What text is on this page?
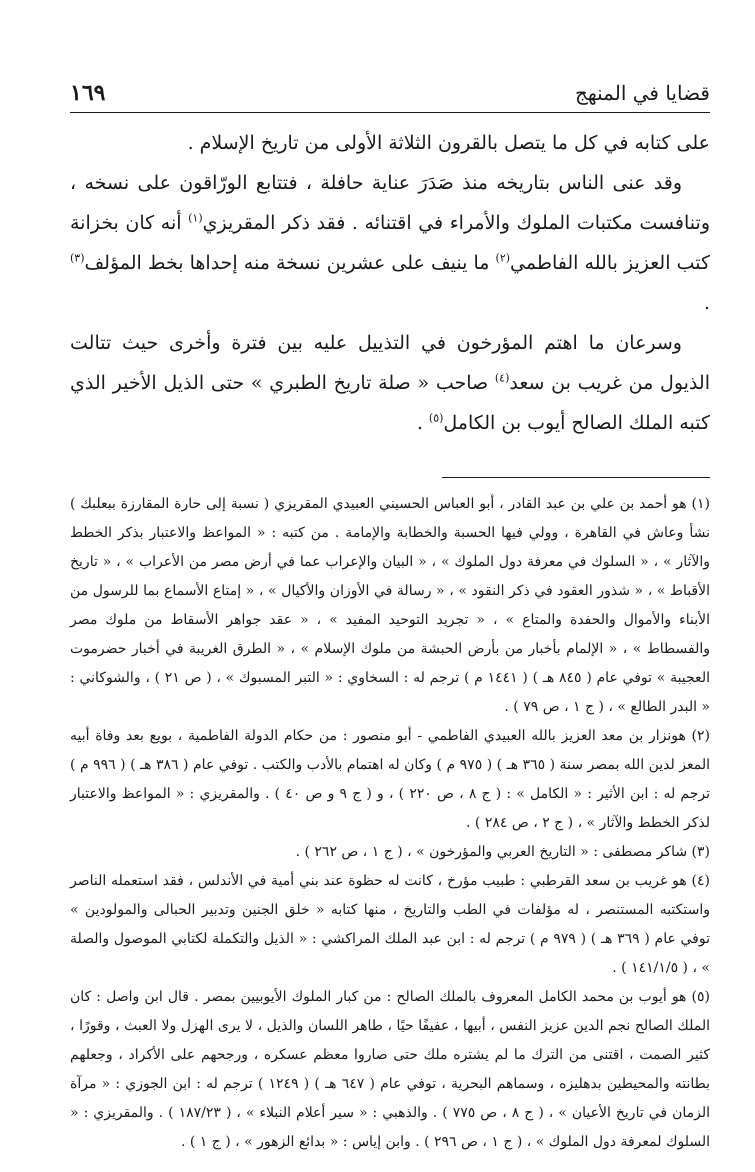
قضايا في المنهج
١٦٩

على كتابه في كل ما يتصل بالقرون الثلاثة الأولى من تاريخ الإسلام .

وقد عنى الناس بتاريخه منذ صَدَرَ عناية حافلة ، فتتابع الورّاقون على نسخه ، وتنافست مكتبات الملوك والأمراء في اقتنائه . فقد ذكر المقريزي$^{(١)}$ أنه كان بخزانة كتب العزيز بالله الفاطمي$^{(٢)}$ ما ينيف على عشرين نسخة منه إحداها بخط المؤلف$^{(٣)}$ .

وسرعان ما اهتم المؤرخون في التذييل عليه بين فترة وأخرى حيث تتالت الذيول من غريب بن سعد$^{(٤)}$ صاحب « صلة تاريخ الطبري » حتى الذيل الأخير الذي كتبه الملك الصالح أيوب بن الكامل$^{(٥)}$ .

(١) هو أحمد بن علي بن عبد القادر ، أبو العباس الحسيني العبيدي المقريزي ( نسبة إلى حارة المقارزة ببعلبك ) نشأ وعاش في القاهرة ، وولي فيها الحسبة والخطابة والإمامة . من كتبه : « المواعظ والاعتبار بذكر الخطط والآثار » ، « السلوك في معرفة دول الملوك » ، « البيان والإعراب عما في أرض مصر من الأعراب » ، « تاريخ الأقباط » ، « شذور العقود في ذكر النقود » ، « رسالة في الأوزان والأكيال » ، « إمتاع الأسماع بما للرسول من الأبناء والأموال والحفدة والمتاع » ، « تجريد التوحيد المفيد » ، « عقد جواهر الأسقاط من ملوك مصر والفسطاط » ، « الإلمام بأخبار من بأرض الحبشة من ملوك الإسلام » ، « الطرق الغريبة في أخبار حضرموت العجيبة » توفي عام ( ٨٤٥ هـ ) ( ١٤٤١ م ) ترجم له : السخاوي : « التبر المسبوك » ، ( ص ٢١ ) ، والشوكاني : « البدر الطالع » ، ( ج ١ ، ص ٧٩ ) .

(٢) هونزار بن معد العزيز بالله العبيدي الفاطمي - أبو منصور : من حكام الدولة الفاطمية ، بويع بعد وفاة أبيه المعز لدين الله بمصر سنة ( ٣٦٥ هـ ) ( ٩٧٥ م ) وكان له اهتمام بالأدب والكتب . توفي عام ( ٣٨٦ هـ ) ( ٩٩٦ م ) ترجم له : ابن الأثير : « الكامل » : ( ج ٨ ، ص ٢٢٠ ) ، و ( ج ٩ و ص ٤٠ ) . والمقريزي : « المواعظ والاعتبار لذكر الخطط والآثار » ، ( ج ٢ ، ص ٢٨٤ ) .

(٣) شاكر مصطفى : « التاريخ العربي والمؤرخون » ، ( ج ١ ، ص ٢٦٢ ) .

(٤) هو غريب بن سعد القرطبي : طبيب مؤرخ ، كانت له حظوة عند بني أمية في الأندلس ، فقد استعمله الناصر واستكتبه المستنصر ، له مؤلفات في الطب والتاريخ ، منها كتابه « خلق الجنين وتدبير الحبالى والمولودين » توفي عام ( ٣٦٩ هـ ) ( ٩٧٩ م ) ترجم له : ابن عبد الملك المراكشي : « الذيل والتكملة لكتابي الموصول والصلة » ، ( ١٤١/١/٥ ) .

(٥) هو أيوب بن محمد الكامل المعروف بالملك الصالح : من كبار الملوك الأيوبيين بمصر . قال ابن واصل : كان الملك الصالح نجم الدين عزيز النفس ، أبيها ، عفيفًا حيًا ، طاهر اللسان والذيل ، لا يرى الهزل ولا العبث ، وقورًا ، كثير الصمت ، اقتنى من الترك ما لم يشتره ملك حتى صاروا معظم عسكره ، ورجحهم على الأكراد ، وجعلهم بطانته والمحيطين بدهليزه ، وسماهم البحرية ، توفي عام ( ٦٤٧ هـ ) ( ١٢٤٩ ) ترجم له : ابن الجوزي : « مرآة الزمان في تاريخ الأعيان » ، ( ج ٨ ، ص ٧٧٥ ) . والذهبي : « سير أعلام النبلاء » ، ( ١٨٧/٢٣ ) . والمقريزي : « السلوك لمعرفة دول الملوك » ، ( ج ١ ، ص ٢٩٦ ) . وابن إياس : « بدائع الزهور » ، ( ج ١ ) .
